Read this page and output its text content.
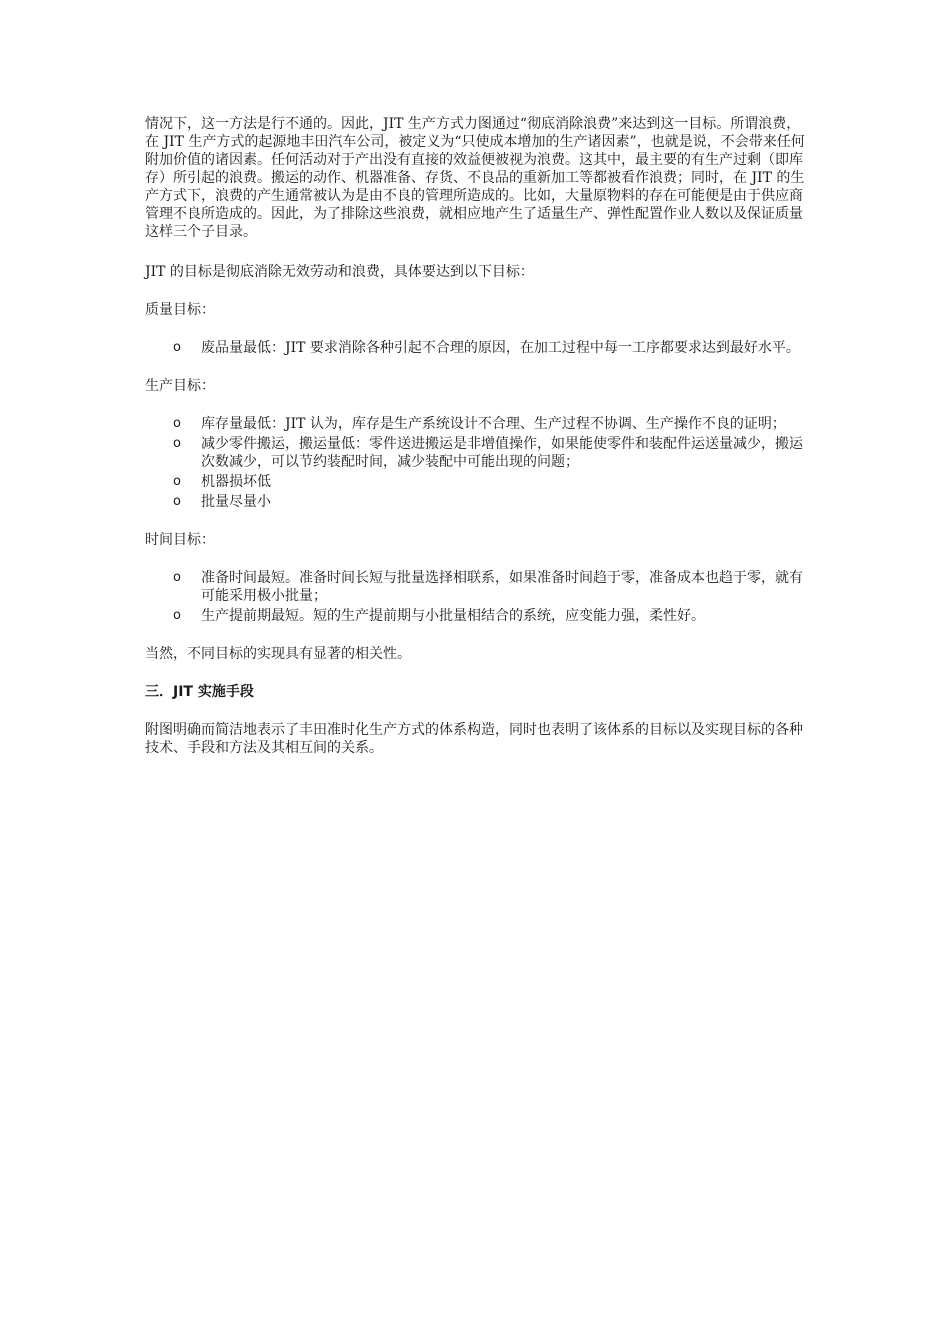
情况下，这一方法是行不通的。因此，JIT 生产方式力图通过“彻底消除浪费”来达到这一目标。所谓浪费，在 JIT 生产方式的起源地丰田汽车公司，被定义为“只使成本增加的生产诸因素”，也就是说，不会带来任何附加价值的诸因素。任何活动对于产出没有直接的效益便被视为浪费。这其中，最主要的有生产过剩（即库存）所引起的浪费。搬运的动作、机器准备、存货、不良品的重新加工等都被看作浪费；同时，在 JIT 的生产方式下，浪费的产生通常被认为是由不良的管理所造成的。比如，大量原物料的存在可能便是由于供应商管理不良所造成的。因此，为了排除这些浪费，就相应地产生了适量生产、弹性配置作业人数以及保证质量这样三个子目录。

JIT 的目标是彻底消除无效劳动和浪费，具体要达到以下目标：

质量目标：

o 废品量最低：JIT 要求消除各种引起不合理的原因，在加工过程中每一工序都要求达到最好水平。

生产目标：

o 库存量最低：JIT 认为，库存是生产系统设计不合理、生产过程不协调、生产操作不良的证明；
o 减少零件搬运，搬运量低：零件送进搬运是非增值操作，如果能使零件和装配件运送量减少，搬运次数减少，可以节约装配时间，减少装配中可能出现的问题；
o 机器损坏低
o 批量尽量小

时间目标：

o 准备时间最短。准备时间长短与批量选择相联系，如果准备时间趋于零，准备成本也趋于零，就有可能采用极小批量；
o 生产提前期最短。短的生产提前期与小批量相结合的系统，应变能力强，柔性好。

当然，不同目标的实现具有显著的相关性。

三．JIT 实施手段

附图明确而简洁地表示了丰田准时化生产方式的体系构造，同时也表明了该体系的目标以及实现目标的各种技术、手段和方法及其相互间的关系。
